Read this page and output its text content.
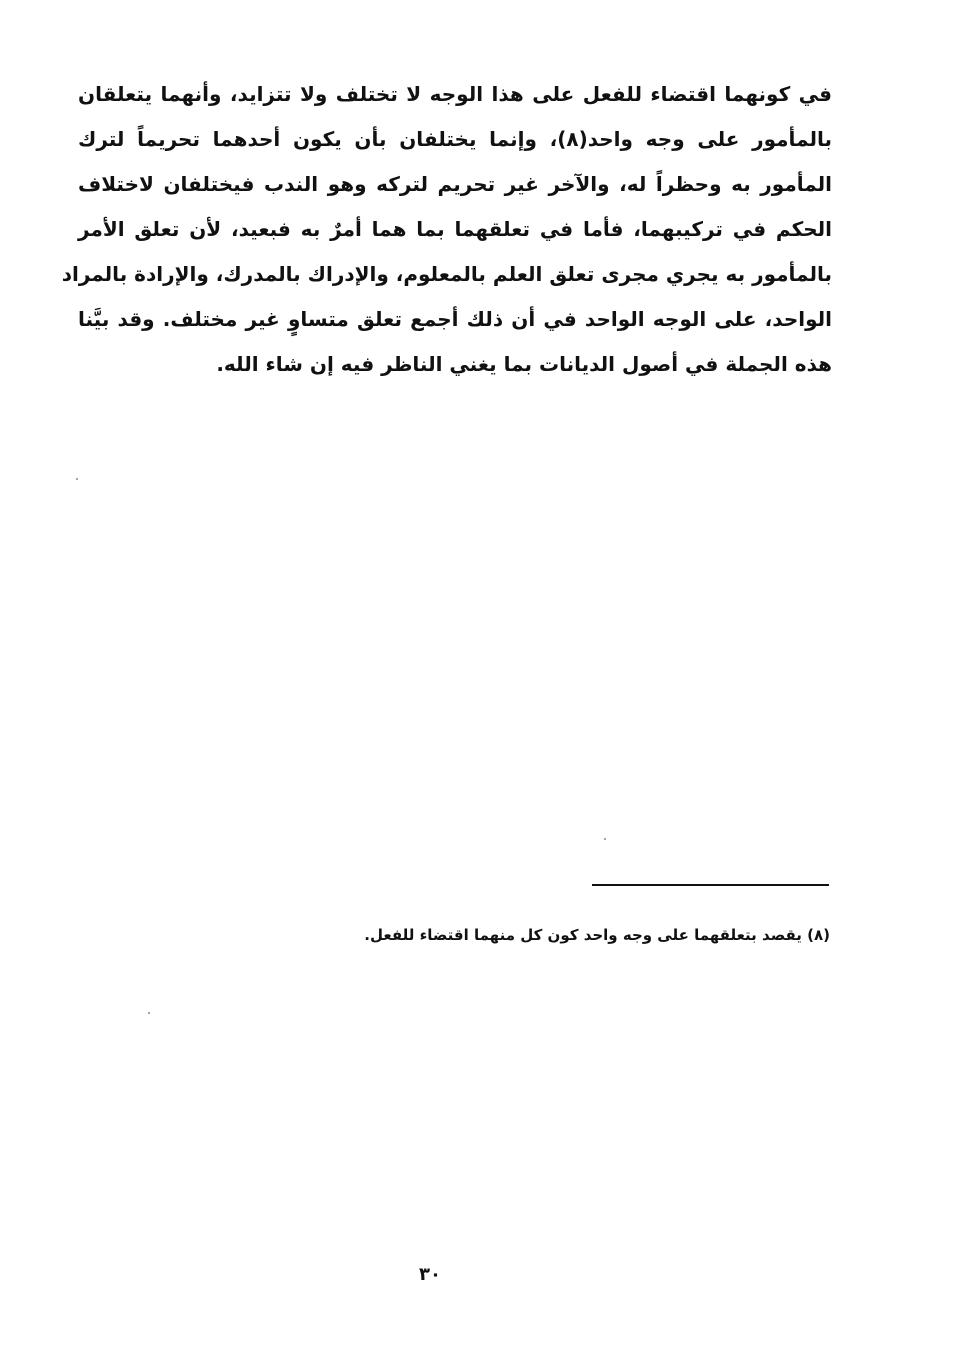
في كونهما اقتضاء للفعل على هذا الوجه لا تختلف ولا تتزايد، وأنهما يتعلقان
بالمأمور على وجه واحد(٨)، وإنما يختلفان بأن يكون أحدهما تحريماً لترك
المأمور به وحظراً له، والآخر غير تحريم لتركه وهو الندب فيختلفان لاختلاف
الحكم في تركيبهما، فأما في تعلقهما بما هما أمرٌ به فبعيد، لأن تعلق الأمر
بالمأمور به يجري مجرى تعلق العلم بالمعلوم، والإدراك بالمدرك، والإرادة بالمراد
الواحد، على الوجه الواحد في أن ذلك أجمع تعلق متساوٍ غير مختلف. وقد بيَّنا
هذه الجملة في أصول الديانات بما يغني الناظر فيه إن شاء الله.
(٨) يقصد بتعلقهما على وجه واحد كون كل منهما اقتضاء للفعل.
٣٠
